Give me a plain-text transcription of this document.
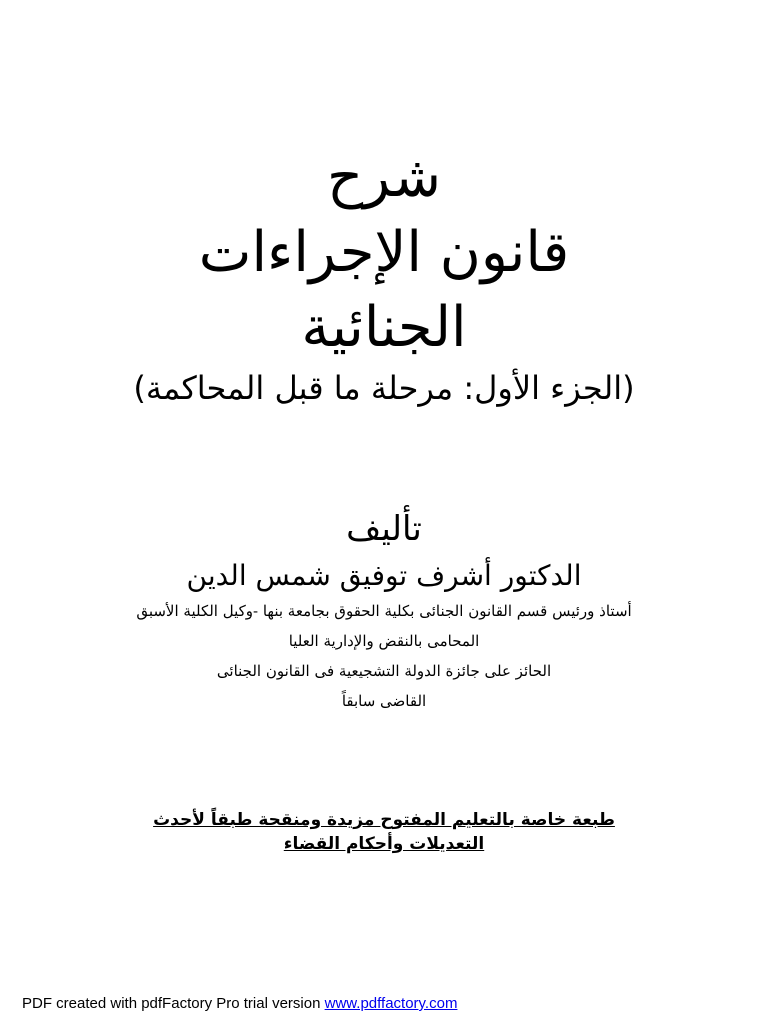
شرح
قانون الإجراءات
الجنائية
(الجزء الأول: مرحلة ما قبل المحاكمة)
تأليف
الدكتور أشرف توفيق شمس الدين
أستاذ ورئيس قسم القانون الجنائى بكلية الحقوق بجامعة بنها -وكيل الكلية الأسبق
المحامى بالنقض والإدارية العليا
الحائز على جائزة الدولة التشجيعية فى القانون الجنائى
القاضى سابقاً
طبعة خاصة بالتعليم المفتوح مزيدة ومنقحة طبقاً لأحدث
التعديلات وأحكام القضاء
PDF created with pdfFactory Pro trial version www.pdffactory.com
